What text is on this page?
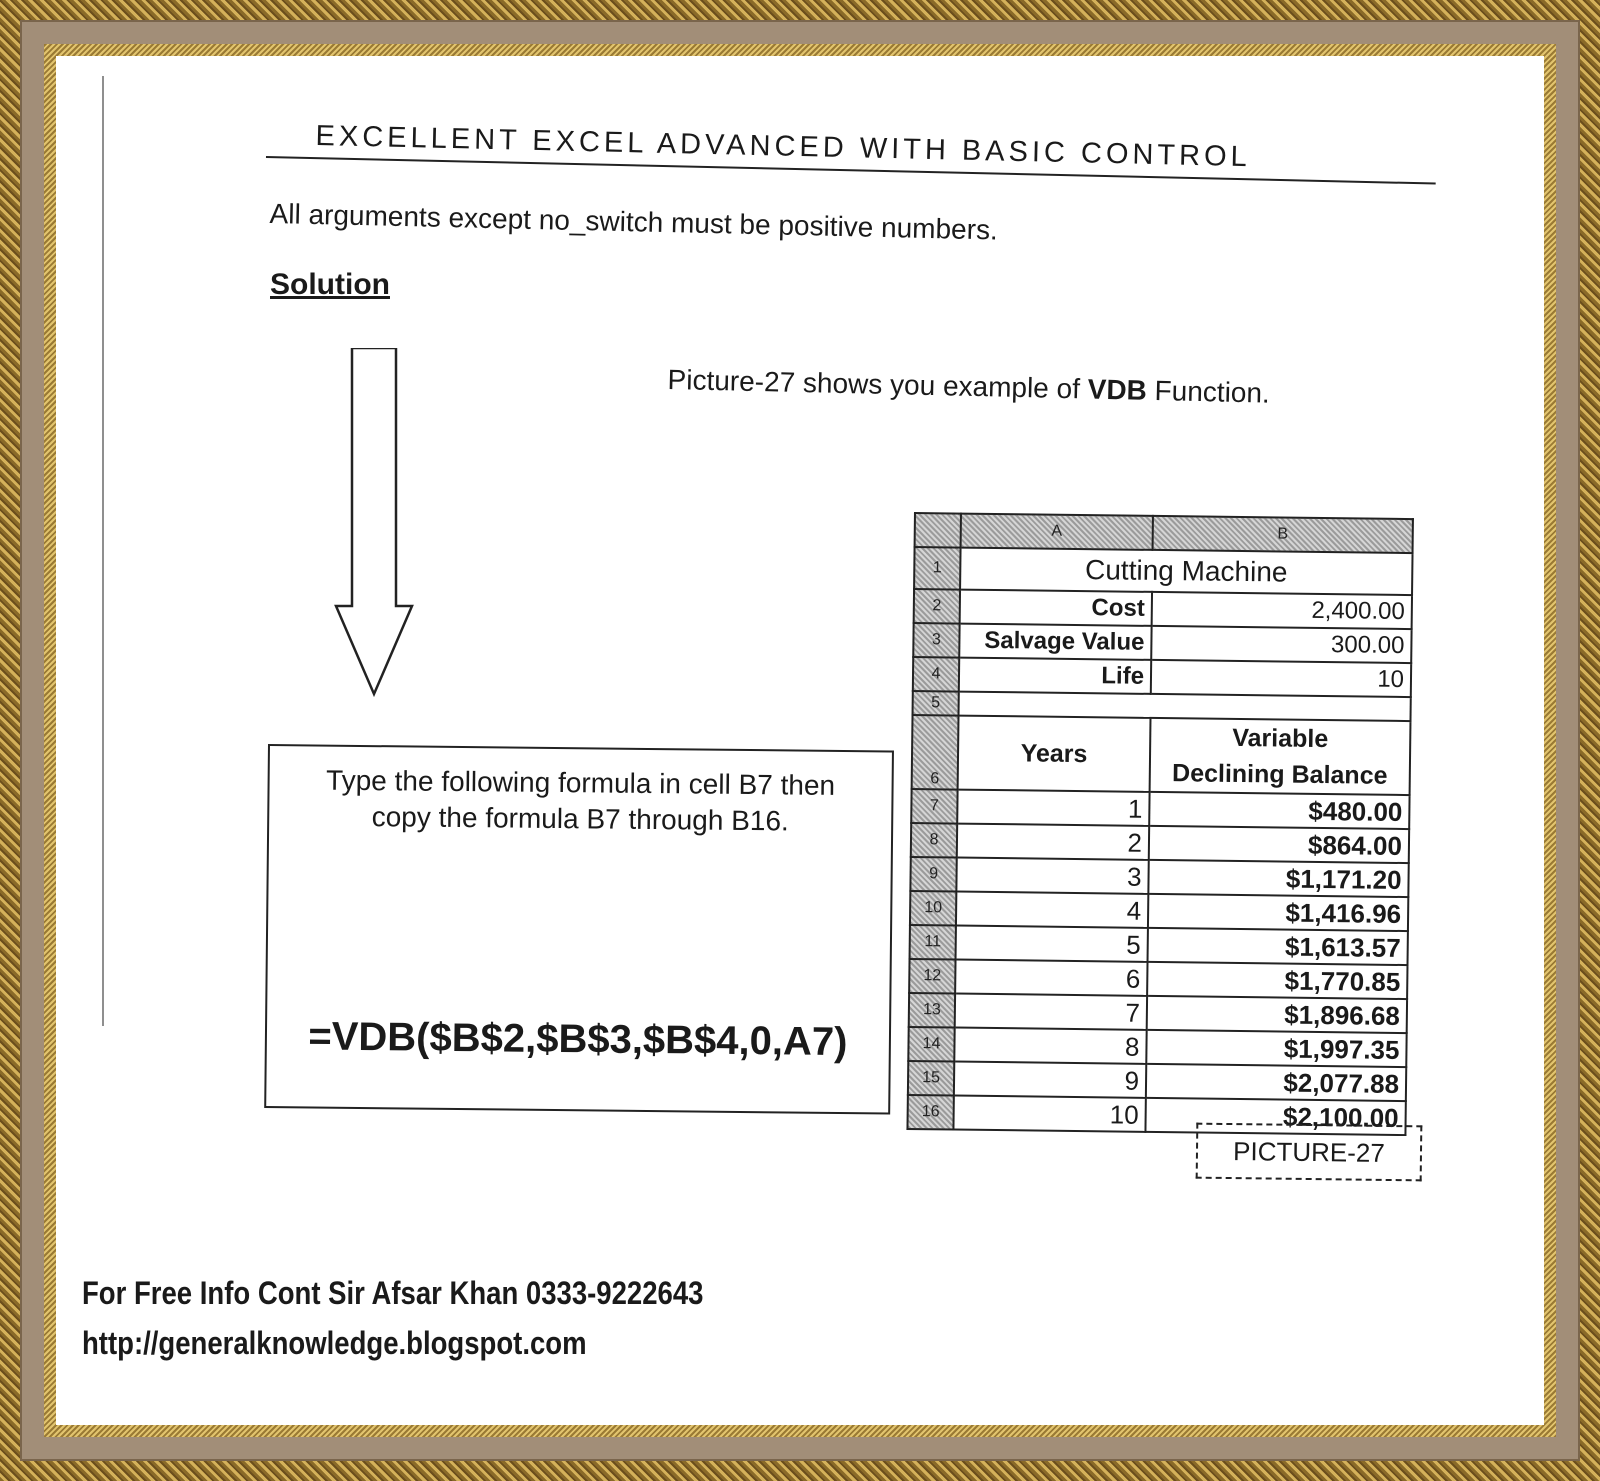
EXCELLENT EXCEL ADVANCED WITH BASIC CONTROL
All arguments except no_switch must be positive numbers.
Solution
Picture-27 shows you example of VDB Function.
Type the following formula in cell B7 then
copy the formula B7 through B16.
=VDB($B$2,$B$3,$B$4,0,A7)
	A	B
1	Cutting Machine	
2	Cost	2,400.00
3	Salvage Value	300.00
4	Life	10
5		
6	Years	Variable
Declining Balance

7	1	$480.00
8	2	$864.00
9	3	$1,171.20
10	4	$1,416.96
11	5	$1,613.57
12	6	$1,770.85
13	7	$1,896.68
14	8	$1,997.35
15	9	$2,077.88
16	10	$2,100.00
PICTURE-27
For Free Info Cont Sir Afsar Khan 0333-9222643
http://generalknowledge.blogspot.com
